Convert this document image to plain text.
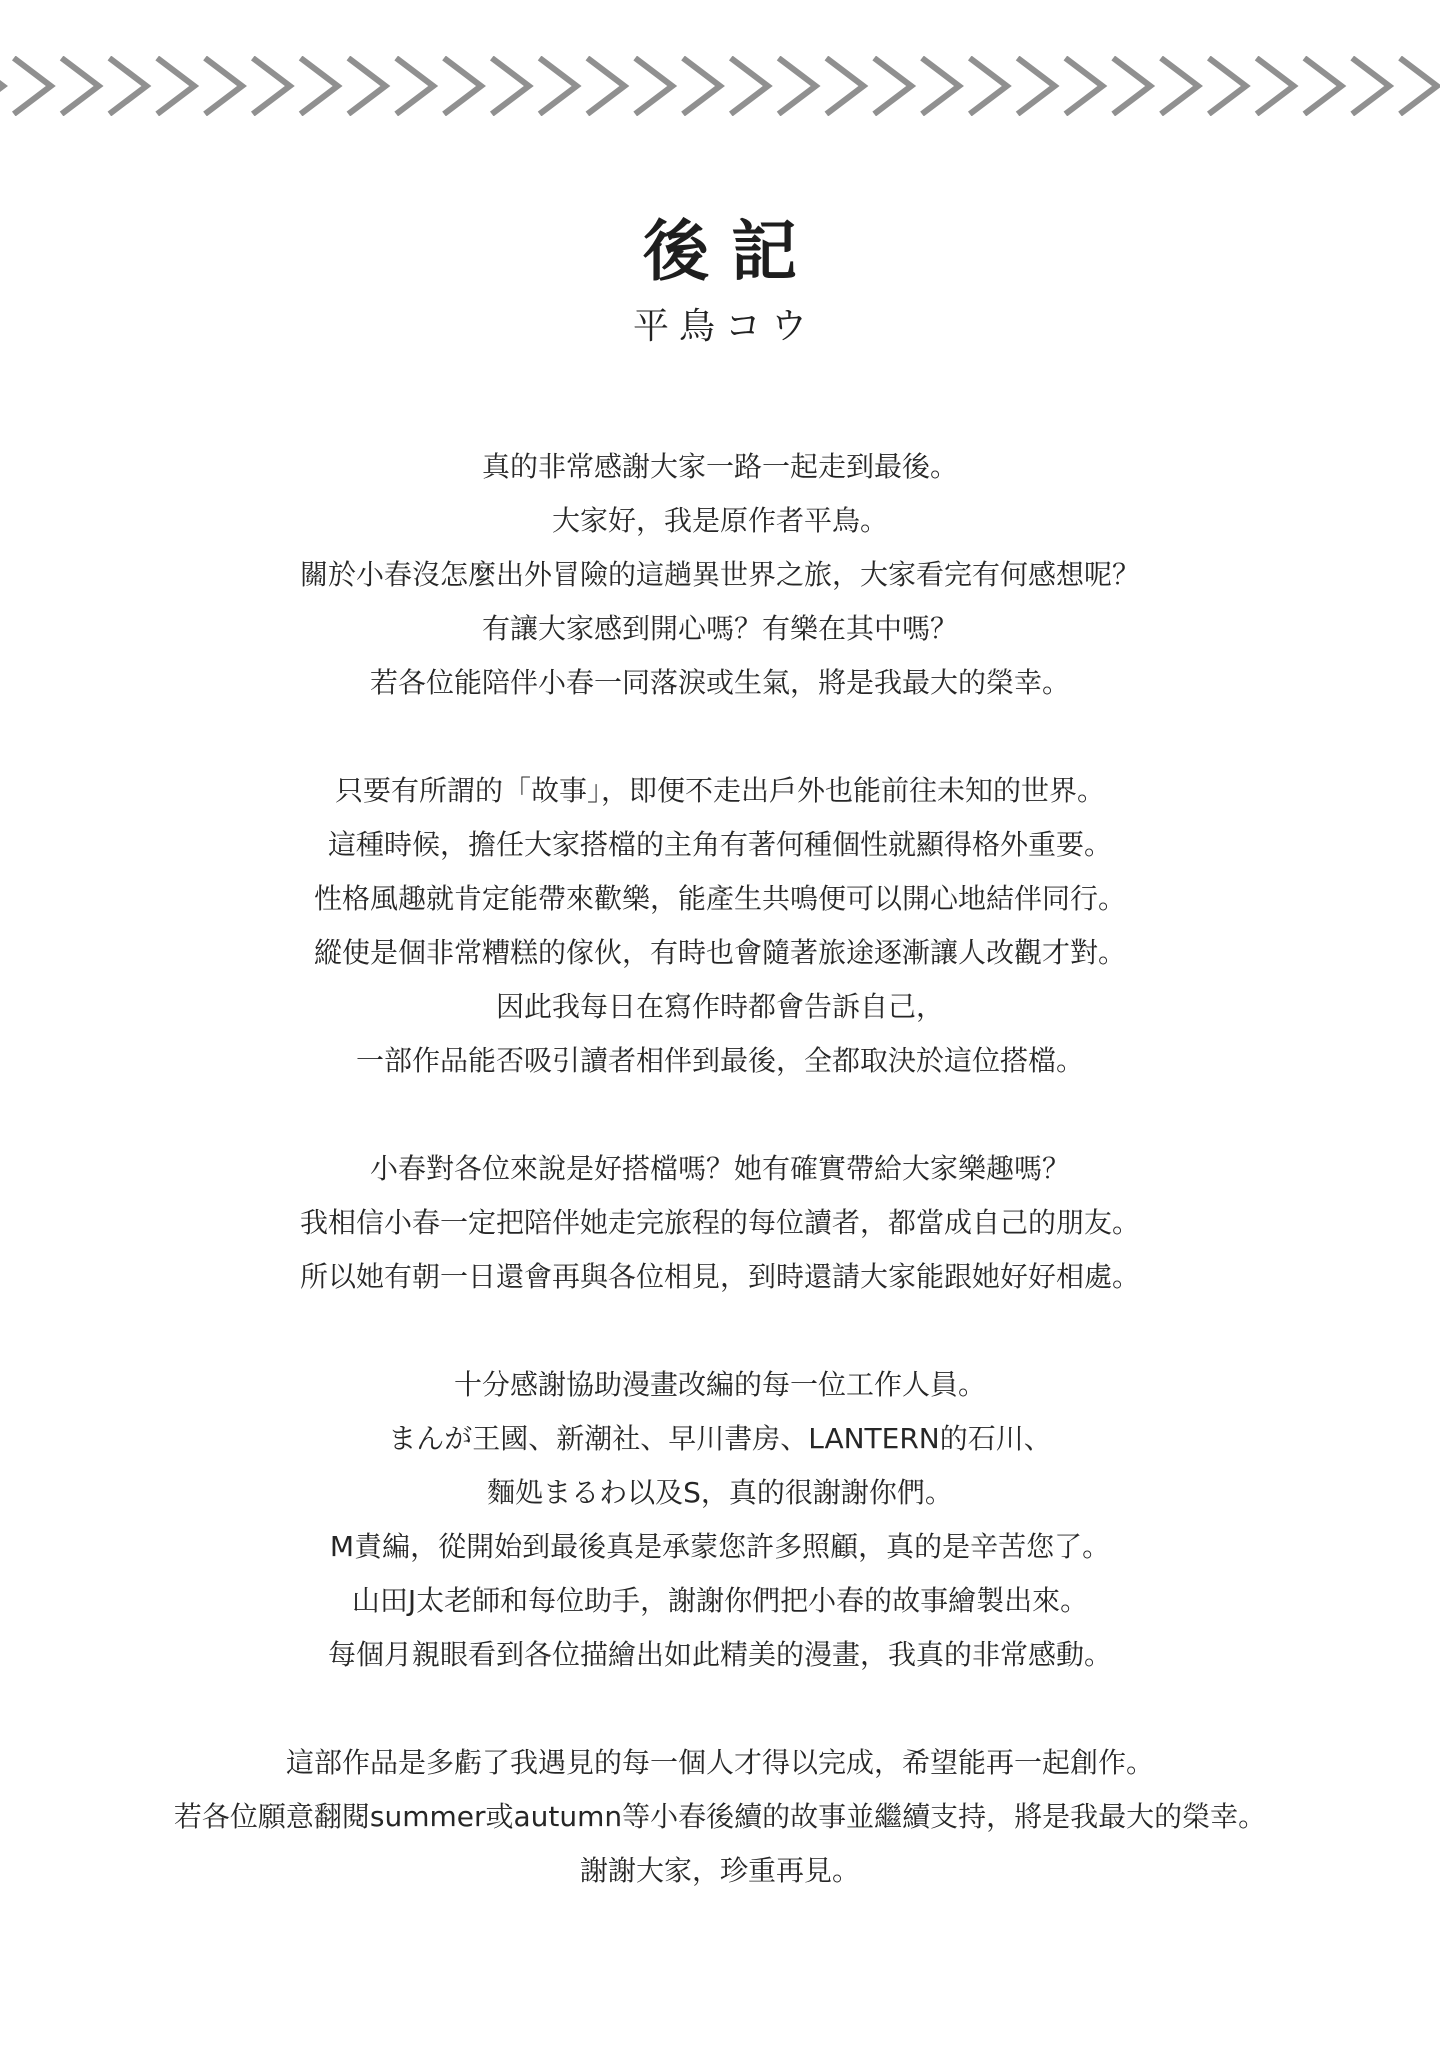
後記
平鳥コウ
真的非常感謝大家一路一起走到最後。
大家好，我是原作者平鳥。
關於小春沒怎麼出外冒險的這趟異世界之旅，大家看完有何感想呢？
有讓大家感到開心嗎？有樂在其中嗎？
若各位能陪伴小春一同落淚或生氣，將是我最大的榮幸。
只要有所謂的「故事」，即便不走出戶外也能前往未知的世界。
這種時候，擔任大家搭檔的主角有著何種個性就顯得格外重要。
性格風趣就肯定能帶來歡樂，能產生共鳴便可以開心地結伴同行。
縱使是個非常糟糕的傢伙，有時也會隨著旅途逐漸讓人改觀才對。
因此我每日在寫作時都會告訴自己，
一部作品能否吸引讀者相伴到最後，全都取決於這位搭檔。
小春對各位來說是好搭檔嗎？她有確實帶給大家樂趣嗎？
我相信小春一定把陪伴她走完旅程的每位讀者，都當成自己的朋友。
所以她有朝一日還會再與各位相見，到時還請大家能跟她好好相處。
十分感謝協助漫畫改編的每一位工作人員。
まんが王國、新潮社、早川書房、LANTERN的石川、
麵処まるわ以及S，真的很謝謝你們。
M責編，從開始到最後真是承蒙您許多照顧，真的是辛苦您了。
山田J太老師和每位助手，謝謝你們把小春的故事繪製出來。
每個月親眼看到各位描繪出如此精美的漫畫，我真的非常感動。
這部作品是多虧了我遇見的每一個人才得以完成，希望能再一起創作。
若各位願意翻閱summer或autumn等小春後續的故事並繼續支持，將是我最大的榮幸。
謝謝大家，珍重再見。
